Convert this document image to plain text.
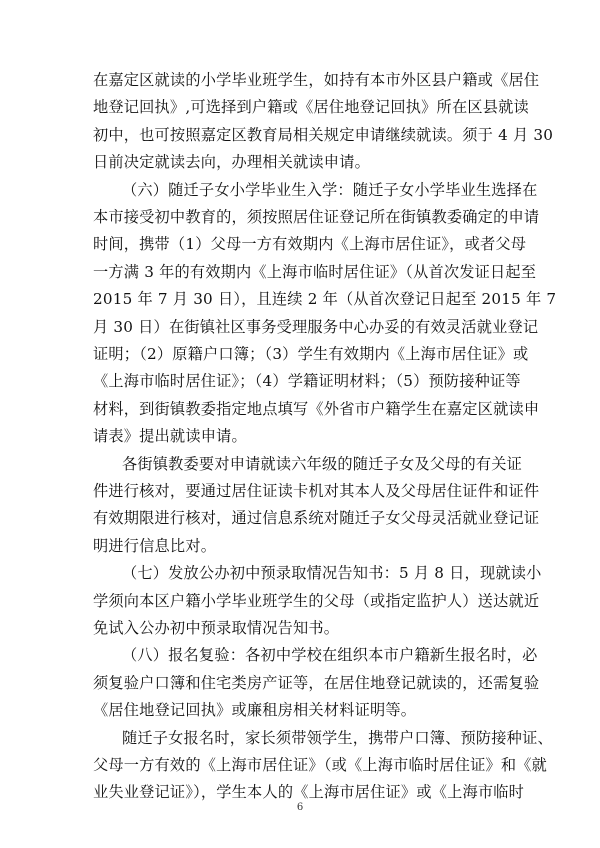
在嘉定区就读的小学毕业班学生，如持有本市外区县户籍或《居住
地登记回执》,可选择到户籍或《居住地登记回执》所在区县就读
初中，也可按照嘉定区教育局相关规定申请继续就读。须于 4 月 30
日前决定就读去向，办理相关就读申请。
（六）随迁子女小学毕业生入学：随迁子女小学毕业生选择在
本市接受初中教育的，须按照居住证登记所在街镇教委确定的申请
时间，携带（1）父母一方有效期内《上海市居住证》，或者父母
一方满 3 年的有效期内《上海市临时居住证》（从首次发证日起至
2015 年 7 月 30 日），且连续 2 年（从首次登记日起至 2015 年 7
月 30 日）在街镇社区事务受理服务中心办妥的有效灵活就业登记
证明；（2）原籍户口簿；（3）学生有效期内《上海市居住证》或
《上海市临时居住证》；（4）学籍证明材料；（5）预防接种证等
材料，到街镇教委指定地点填写《外省市户籍学生在嘉定区就读申
请表》提出就读申请。
各街镇教委要对申请就读六年级的随迁子女及父母的有关证
件进行核对，要通过居住证读卡机对其本人及父母居住证件和证件
有效期限进行核对，通过信息系统对随迁子女父母灵活就业登记证
明进行信息比对。
（七）发放公办初中预录取情况告知书：5 月 8 日，现就读小
学须向本区户籍小学毕业班学生的父母（或指定监护人）送达就近
免试入公办初中预录取情况告知书。
（八）报名复验：各初中学校在组织本市户籍新生报名时，必
须复验户口簿和住宅类房产证等，在居住地登记就读的，还需复验
《居住地登记回执》或廉租房相关材料证明等。
随迁子女报名时，家长须带领学生，携带户口簿、预防接种证、
父母一方有效的《上海市居住证》（或《上海市临时居住证》和《就
业失业登记证》），学生本人的《上海市居住证》或《上海市临时
6
